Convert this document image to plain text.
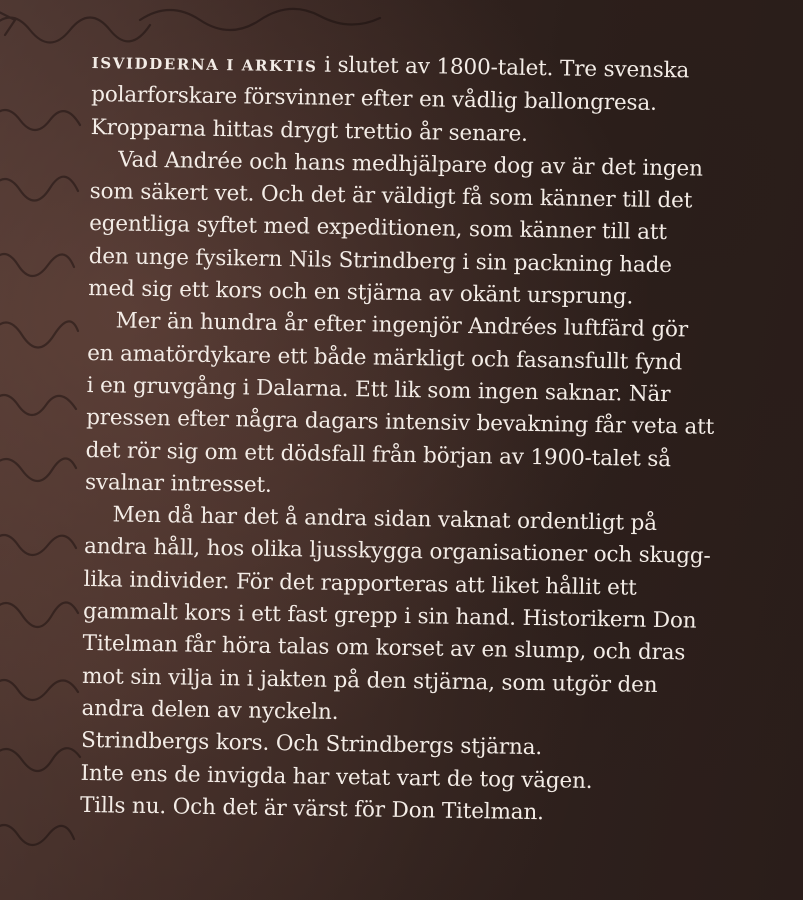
ISVIDDERNA I ARKTIS i slutet av 1800-talet. Tre svenska
polarforskare försvinner efter en vådlig ballongresa.
Kropparna hittas drygt trettio år senare.
Vad Andrée och hans medhjälpare dog av är det ingen
som säkert vet. Och det är väldigt få som känner till det
egentliga syftet med expeditionen, som känner till att
den unge fysikern Nils Strindberg i sin packning hade
med sig ett kors och en stjärna av okänt ursprung.
Mer än hundra år efter ingenjör Andrées luftfärd gör
en amatördykare ett både märkligt och fasansfullt fynd
i en gruvgång i Dalarna. Ett lik som ingen saknar. När
pressen efter några dagars intensiv bevakning får veta att
det rör sig om ett dödsfall från början av 1900-talet så
svalnar intresset.
Men då har det å andra sidan vaknat ordentligt på
andra håll, hos olika ljusskygga organisationer och skugg-
lika individer. För det rapporteras att liket hållit ett
gammalt kors i ett fast grepp i sin hand. Historikern Don
Titelman får höra talas om korset av en slump, och dras
mot sin vilja in i jakten på den stjärna, som utgör den
andra delen av nyckeln.
Strindbergs kors. Och Strindbergs stjärna.
Inte ens de invigda har vetat vart de tog vägen.
Tills nu. Och det är värst för Don Titelman.
